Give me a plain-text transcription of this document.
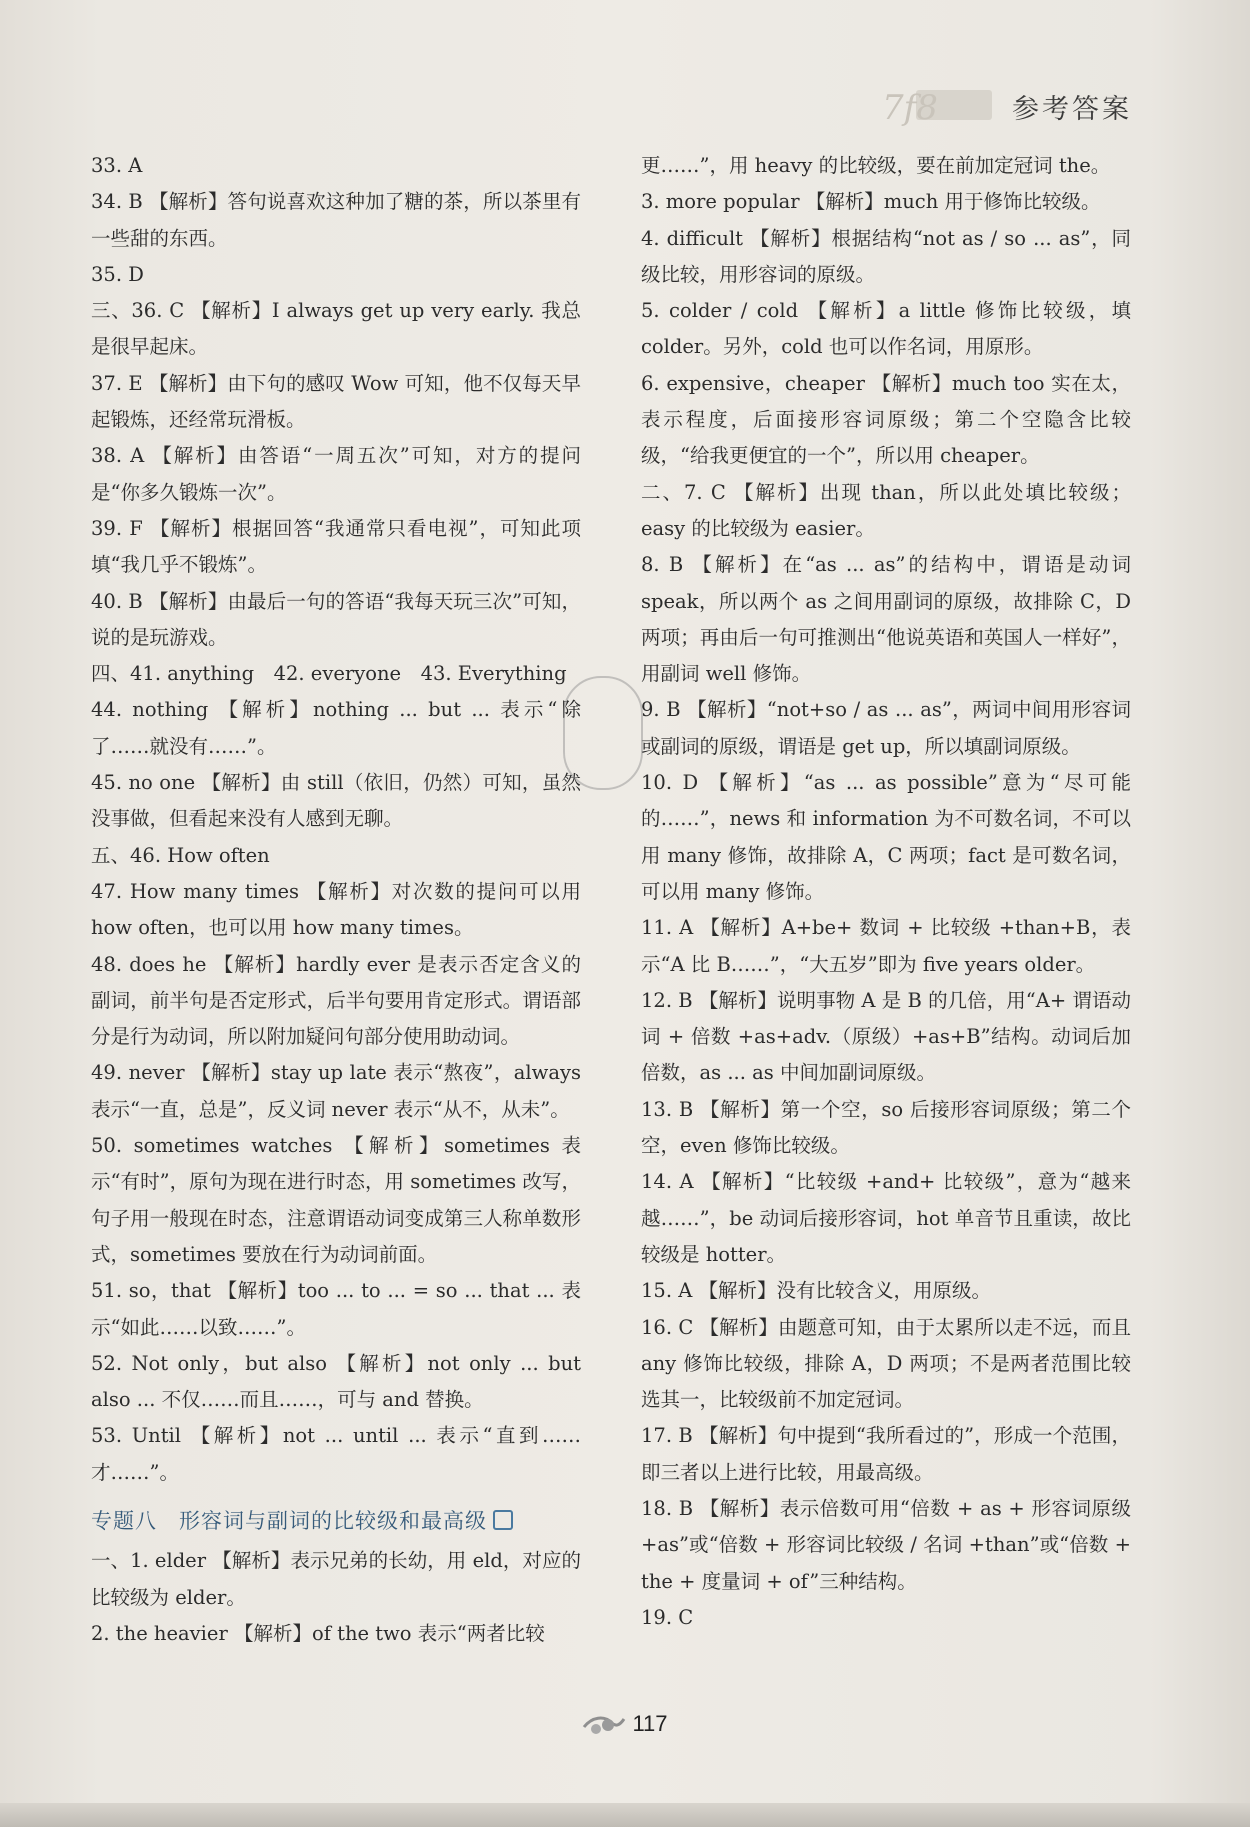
7f8	参考答案

33. A

34. B 【解析】答句说喜欢这种加了糖的茶，所以茶里有一些甜的东西。

35. D

三、36. C 【解析】I always get up very early. 我总是很早起床。

37. E 【解析】由下句的感叹 Wow 可知，他不仅每天早起锻炼，还经常玩滑板。

38. A 【解析】由答语“一周五次”可知，对方的提问是“你多久锻炼一次”。

39. F 【解析】根据回答“我通常只看电视”，可知此项填“我几乎不锻炼”。

40. B 【解析】由最后一句的答语“我每天玩三次”可知，说的是玩游戏。

四、41. anything　42. everyone　43. Everything

44. nothing 【解析】nothing ... but ... 表示“除了……就没有……”。

45. no one 【解析】由 still（依旧，仍然）可知，虽然没事做，但看起来没有人感到无聊。

五、46. How often

47. How many times 【解析】对次数的提问可以用 how often，也可以用 how many times。

48. does he 【解析】hardly ever 是表示否定含义的副词，前半句是否定形式，后半句要用肯定形式。谓语部分是行为动词，所以附加疑问句部分使用助动词。

49. never 【解析】stay up late 表示“熬夜”，always 表示“一直，总是”，反义词 never 表示“从不，从未”。

50. sometimes watches 【解析】sometimes 表示“有时”，原句为现在进行时态，用 sometimes 改写，句子用一般现在时态，注意谓语动词变成第三人称单数形式，sometimes 要放在行为动词前面。

51. so，that 【解析】too ... to ... = so ... that ... 表示“如此……以致……”。

52. Not only，but also 【解析】not only ... but also ... 不仅……而且……，可与 and 替换。

53. Until 【解析】not ... until ... 表示“直到……才……”。

专题八　形容词与副词的比较级和最高级

一、1. elder 【解析】表示兄弟的长幼，用 eld，对应的比较级为 elder。

2. the heavier 【解析】of the two 表示“两者比较

更……”，用 heavy 的比较级，要在前加定冠词 the。

3. more popular 【解析】much 用于修饰比较级。

4. difficult 【解析】根据结构“not as / so ... as”，同级比较，用形容词的原级。

5. colder / cold 【解析】a little 修饰比较级，填 colder。另外，cold 也可以作名词，用原形。

6. expensive，cheaper 【解析】much too 实在太，表示程度，后面接形容词原级；第二个空隐含比较级，“给我更便宜的一个”，所以用 cheaper。

二、7. C 【解析】出现 than，所以此处填比较级；easy 的比较级为 easier。

8. B 【解析】在“as ... as”的结构中，谓语是动词 speak，所以两个 as 之间用副词的原级，故排除 C，D 两项；再由后一句可推测出“他说英语和英国人一样好”，用副词 well 修饰。

9. B 【解析】“not+so / as ... as”，两词中间用形容词或副词的原级，谓语是 get up，所以填副词原级。

10. D 【解析】“as ... as possible”意为“尽可能的……”，news 和 information 为不可数名词，不可以用 many 修饰，故排除 A，C 两项；fact 是可数名词，可以用 many 修饰。

11. A 【解析】A+be+ 数词 + 比较级 +than+B，表示“A 比 B……”，“大五岁”即为 five years older。

12. B 【解析】说明事物 A 是 B 的几倍，用“A+ 谓语动词 + 倍数 +as+adv.（原级）+as+B”结构。动词后加倍数，as ... as 中间加副词原级。

13. B 【解析】第一个空，so 后接形容词原级；第二个空，even 修饰比较级。

14. A 【解析】“比较级 +and+ 比较级”，意为“越来越……”，be 动词后接形容词，hot 单音节且重读，故比较级是 hotter。

15. A 【解析】没有比较含义，用原级。

16. C 【解析】由题意可知，由于太累所以走不远，而且 any 修饰比较级，排除 A，D 两项；不是两者范围比较选其一，比较级前不加定冠词。

17. B 【解析】句中提到“我所看过的”，形成一个范围，即三者以上进行比较，用最高级。

18. B 【解析】表示倍数可用“倍数 + as + 形容词原级 +as”或“倍数 + 形容词比较级 / 名词 +than”或“倍数 + the + 度量词 + of”三种结构。

19. C

117
